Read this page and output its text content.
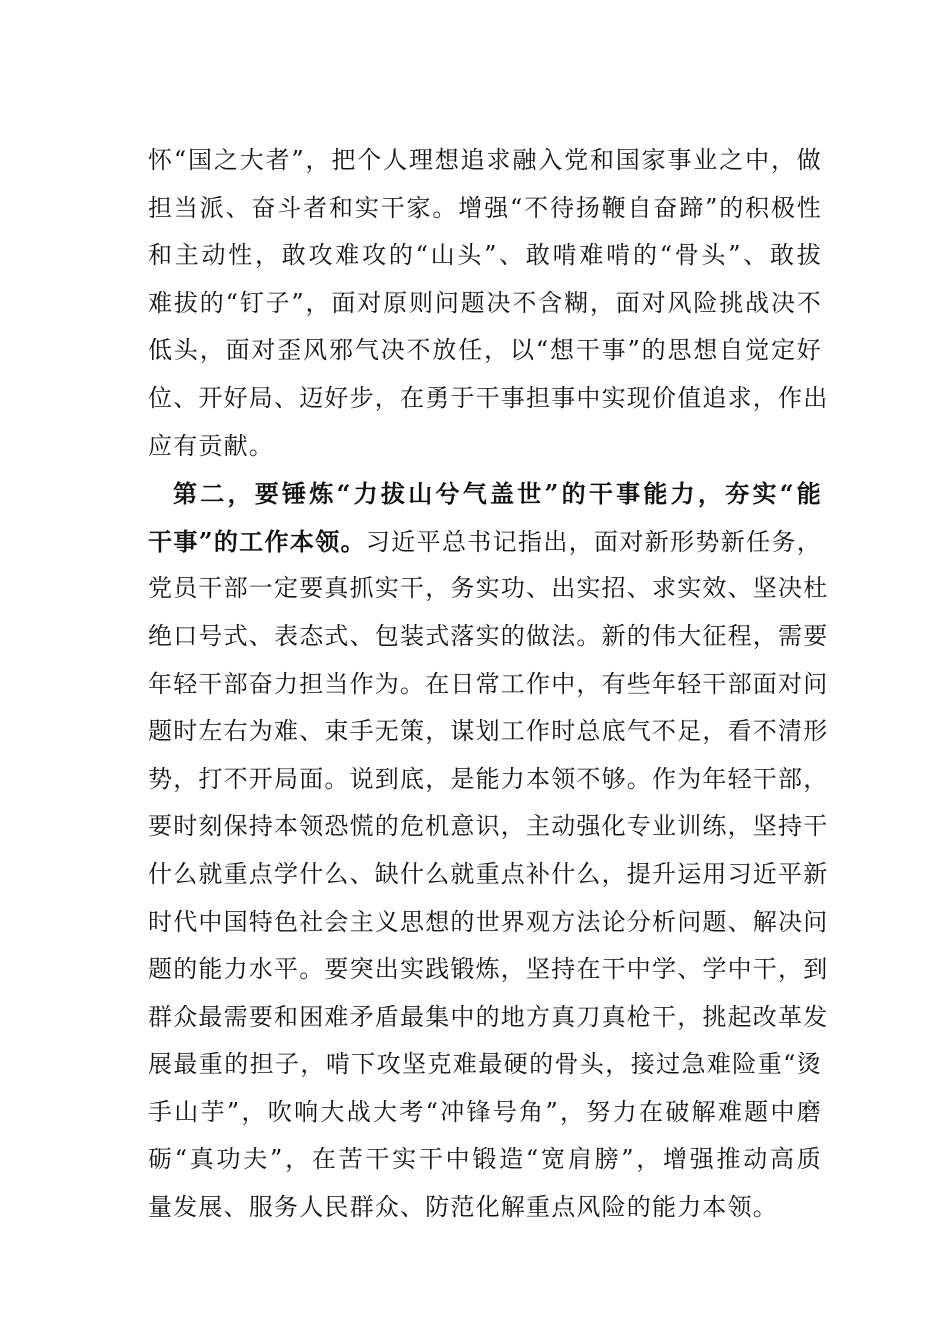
怀“国之大者”，把个人理想追求融入党和国家事业之中，做
担当派、奋斗者和实干家。增强“不待扬鞭自奋蹄”的积极性
和主动性，敢攻难攻的“山头”、敢啃难啃的“骨头”、敢拔
难拔的“钉子”，面对原则问题决不含糊，面对风险挑战决不
低头，面对歪风邪气决不放任，以“想干事”的思想自觉定好
位、开好局、迈好步，在勇于干事担事中实现价值追求，作出
应有贡献。
第二，要锤炼“力拔山兮气盖世”的干事能力，夯实“能
干事”的工作本领。习近平总书记指出，面对新形势新任务，
党员干部一定要真抓实干，务实功、出实招、求实效、坚决杜
绝口号式、表态式、包装式落实的做法。新的伟大征程，需要
年轻干部奋力担当作为。在日常工作中，有些年轻干部面对问
题时左右为难、束手无策，谋划工作时总底气不足，看不清形
势，打不开局面。说到底，是能力本领不够。作为年轻干部，
要时刻保持本领恐慌的危机意识，主动强化专业训练，坚持干
什么就重点学什么、缺什么就重点补什么，提升运用习近平新
时代中国特色社会主义思想的世界观方法论分析问题、解决问
题的能力水平。要突出实践锻炼，坚持在干中学、学中干，到
群众最需要和困难矛盾最集中的地方真刀真枪干，挑起改革发
展最重的担子，啃下攻坚克难最硬的骨头，接过急难险重“烫
手山芋”，吹响大战大考“冲锋号角”，努力在破解难题中磨
砺“真功夫”，在苦干实干中锻造“宽肩膀”，增强推动高质
量发展、服务人民群众、防范化解重点风险的能力本领。
